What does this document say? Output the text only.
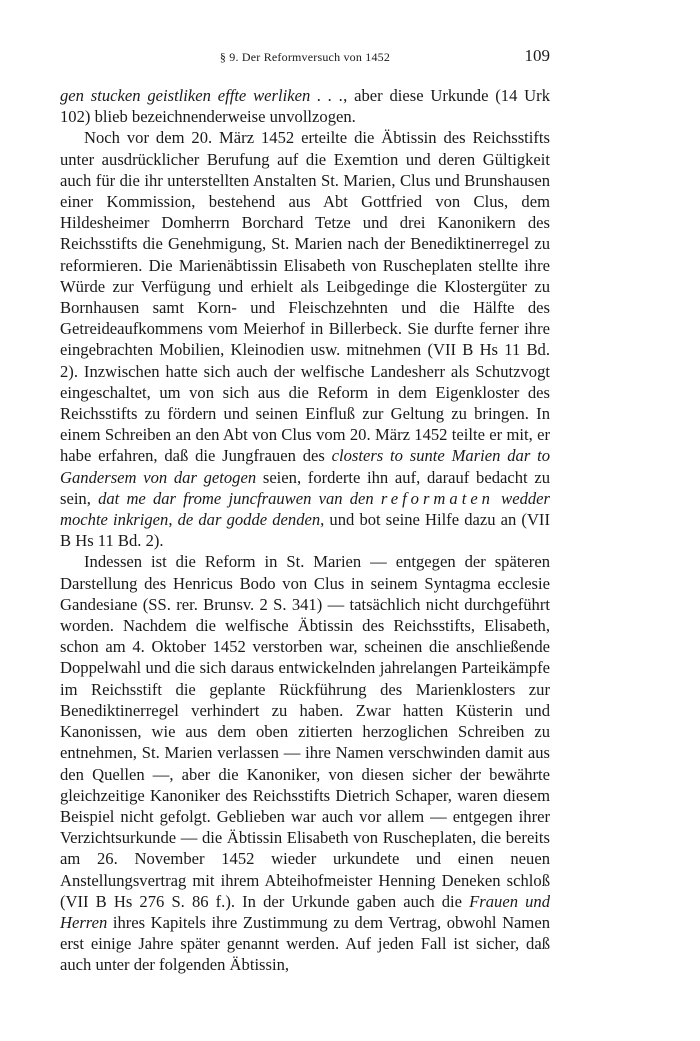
§ 9. Der Reformversuch von 1452	109

gen stucken geistliken effte werliken . . ., aber diese Urkunde (14 Urk 102) blieb bezeichnenderweise unvollzogen.

Noch vor dem 20. März 1452 erteilte die Äbtissin des Reichsstifts unter ausdrücklicher Berufung auf die Exemtion und deren Gültigkeit auch für die ihr unterstellten Anstalten St. Marien, Clus und Brunshausen einer Kommission, bestehend aus Abt Gottfried von Clus, dem Hildesheimer Domherrn Borchard Tetze und drei Kanonikern des Reichsstifts die Genehmigung, St. Marien nach der Benediktinerregel zu reformieren. Die Marienäbtissin Elisabeth von Ruscheplaten stellte ihre Würde zur Verfügung und erhielt als Leibgedinge die Klostergüter zu Bornhausen samt Korn- und Fleischzehnten und die Hälfte des Getreideaufkommens vom Meierhof in Billerbeck. Sie durfte ferner ihre eingebrachten Mobilien, Kleinodien usw. mitnehmen (VII B Hs 11 Bd. 2). Inzwischen hatte sich auch der welfische Landesherr als Schutzvogt eingeschaltet, um von sich aus die Reform in dem Eigenkloster des Reichsstifts zu fördern und seinen Einfluß zur Geltung zu bringen. In einem Schreiben an den Abt von Clus vom 20. März 1452 teilte er mit, er habe erfahren, daß die Jungfrauen des closters to sunte Marien dar to Gandersem von dar getogen seien, forderte ihn auf, darauf bedacht zu sein, dat me dar frome juncfrauwen van den reformaten wedder mochte inkrigen, de dar godde denden, und bot seine Hilfe dazu an (VII B Hs 11 Bd. 2).

Indessen ist die Reform in St. Marien — entgegen der späteren Darstellung des Henricus Bodo von Clus in seinem Syntagma ecclesie Gandesiane (SS. rer. Brunsv. 2 S. 341) — tatsächlich nicht durchgeführt worden. Nachdem die welfische Äbtissin des Reichsstifts, Elisabeth, schon am 4. Oktober 1452 verstorben war, scheinen die anschließende Doppelwahl und die sich daraus entwickelnden jahrelangen Parteikämpfe im Reichsstift die geplante Rückführung des Marienklosters zur Benediktinerregel verhindert zu haben. Zwar hatten Küsterin und Kanonissen, wie aus dem oben zitierten herzoglichen Schreiben zu entnehmen, St. Marien verlassen — ihre Namen verschwinden damit aus den Quellen —, aber die Kanoniker, von diesen sicher der bewährte gleichzeitige Kanoniker des Reichsstifts Dietrich Schaper, waren diesem Beispiel nicht gefolgt. Geblieben war auch vor allem — entgegen ihrer Verzichtsurkunde — die Äbtissin Elisabeth von Ruscheplaten, die bereits am 26. November 1452 wieder urkundete und einen neuen Anstellungsvertrag mit ihrem Abteihofmeister Henning Deneken schloß (VII B Hs 276 S. 86 f.). In der Urkunde gaben auch die Frauen und Herren ihres Kapitels ihre Zustimmung zu dem Vertrag, obwohl Namen erst einige Jahre später genannt werden. Auf jeden Fall ist sicher, daß auch unter der folgenden Äbtissin,
